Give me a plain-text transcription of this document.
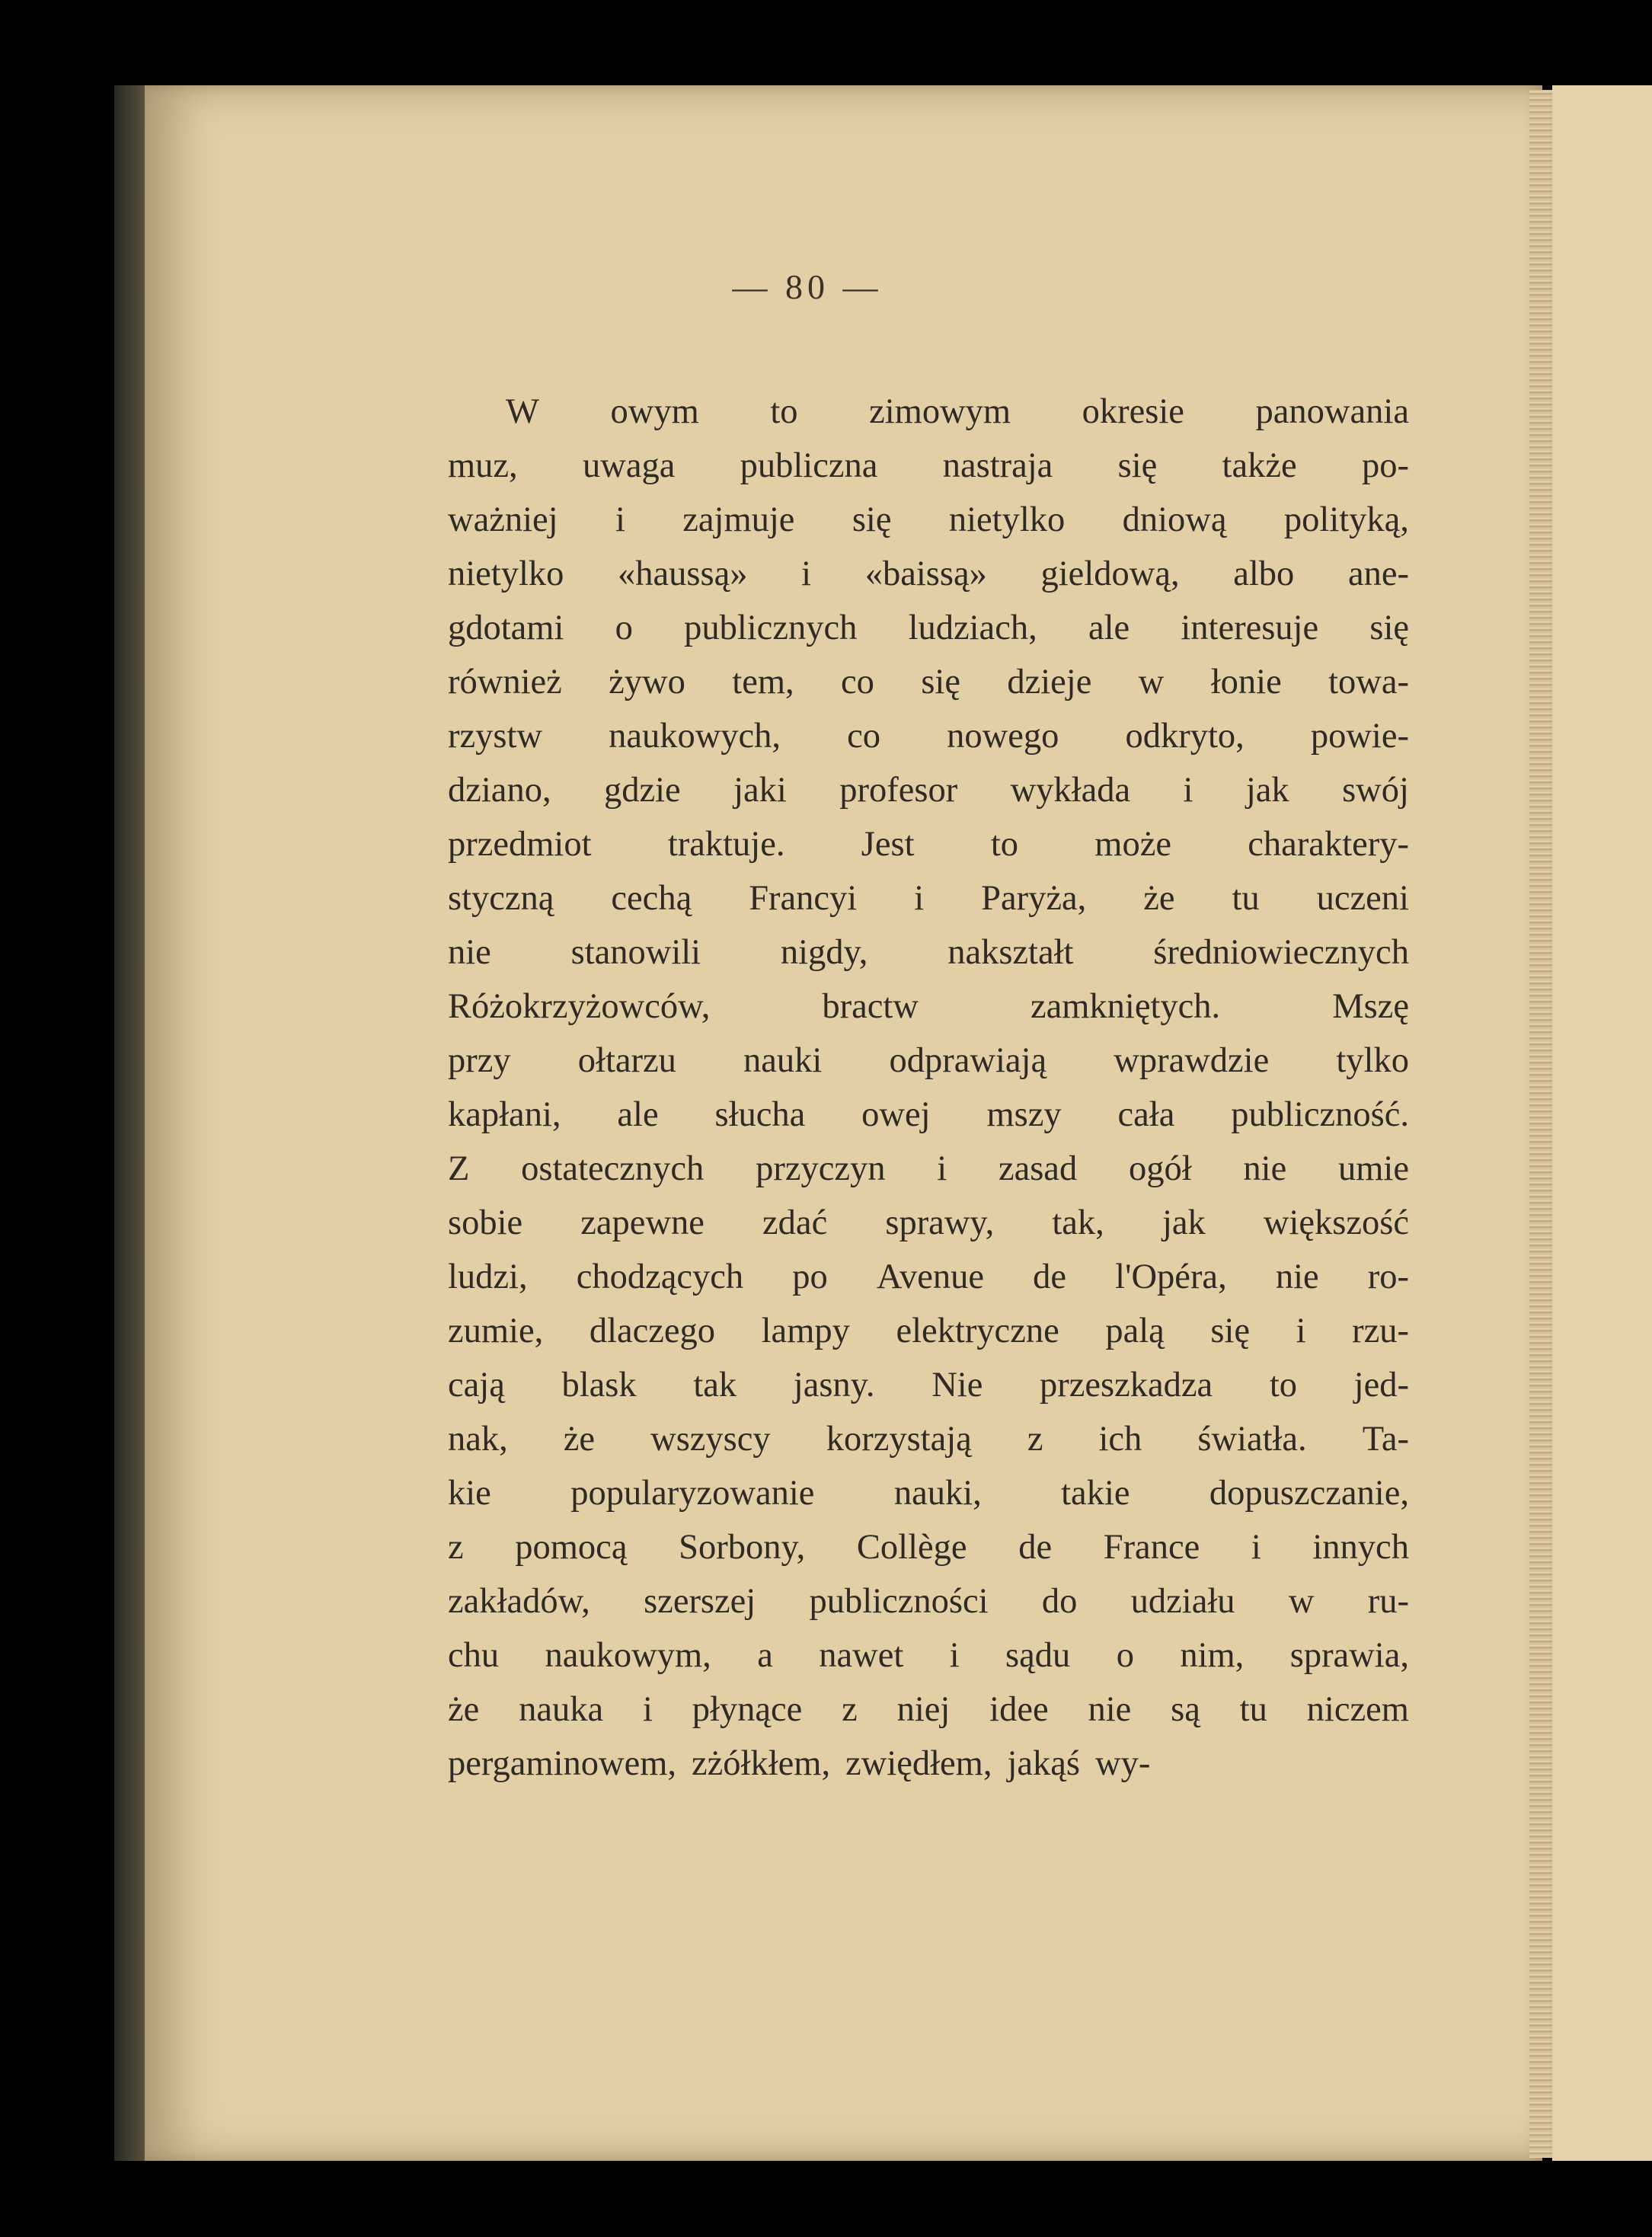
— 80 —
W owym to zimowym okresie panowania
muz, uwaga publiczna nastraja się także po-
ważniej i zajmuje się nietylko dniową polityką,
nietylko «haussą» i «baissą» gieldową, albo ane-
gdotami o publicznych ludziach, ale interesuje się
również żywo tem, co się dzieje w łonie towa-
rzystw naukowych, co nowego odkryto, powie-
dziano, gdzie jaki profesor wykłada i jak swój
przedmiot traktuje. Jest to może charaktery-
styczną cechą Francyi i Paryża, że tu uczeni
nie stanowili nigdy, nakształt średniowiecznych
Różokrzyżowców,	bractw	zamkniętych.	Mszę
przy ołtarzu nauki odprawiają wprawdzie tylko
kapłani, ale słucha owej mszy cała publiczność.
Z ostatecznych przyczyn i zasad ogół nie umie
sobie zapewne zdać sprawy, tak, jak większość
ludzi, chodzących po Avenue de l'Opéra, nie ro-
zumie, dlaczego lampy elektryczne palą się i rzu-
cają blask tak jasny. Nie przeszkadza to jed-
nak, że wszyscy korzystają z ich światła. Ta-
kie popularyzowanie nauki, takie dopuszczanie,
z pomocą Sorbony, Collège de France i innych
zakładów, szerszej publiczności do udziału w ru-
chu naukowym, a nawet i sądu o nim, sprawia,
że nauka i płynące z niej idee nie są tu niczem
pergaminowem, zżółkłem, zwiędłem, jakąś wy-
